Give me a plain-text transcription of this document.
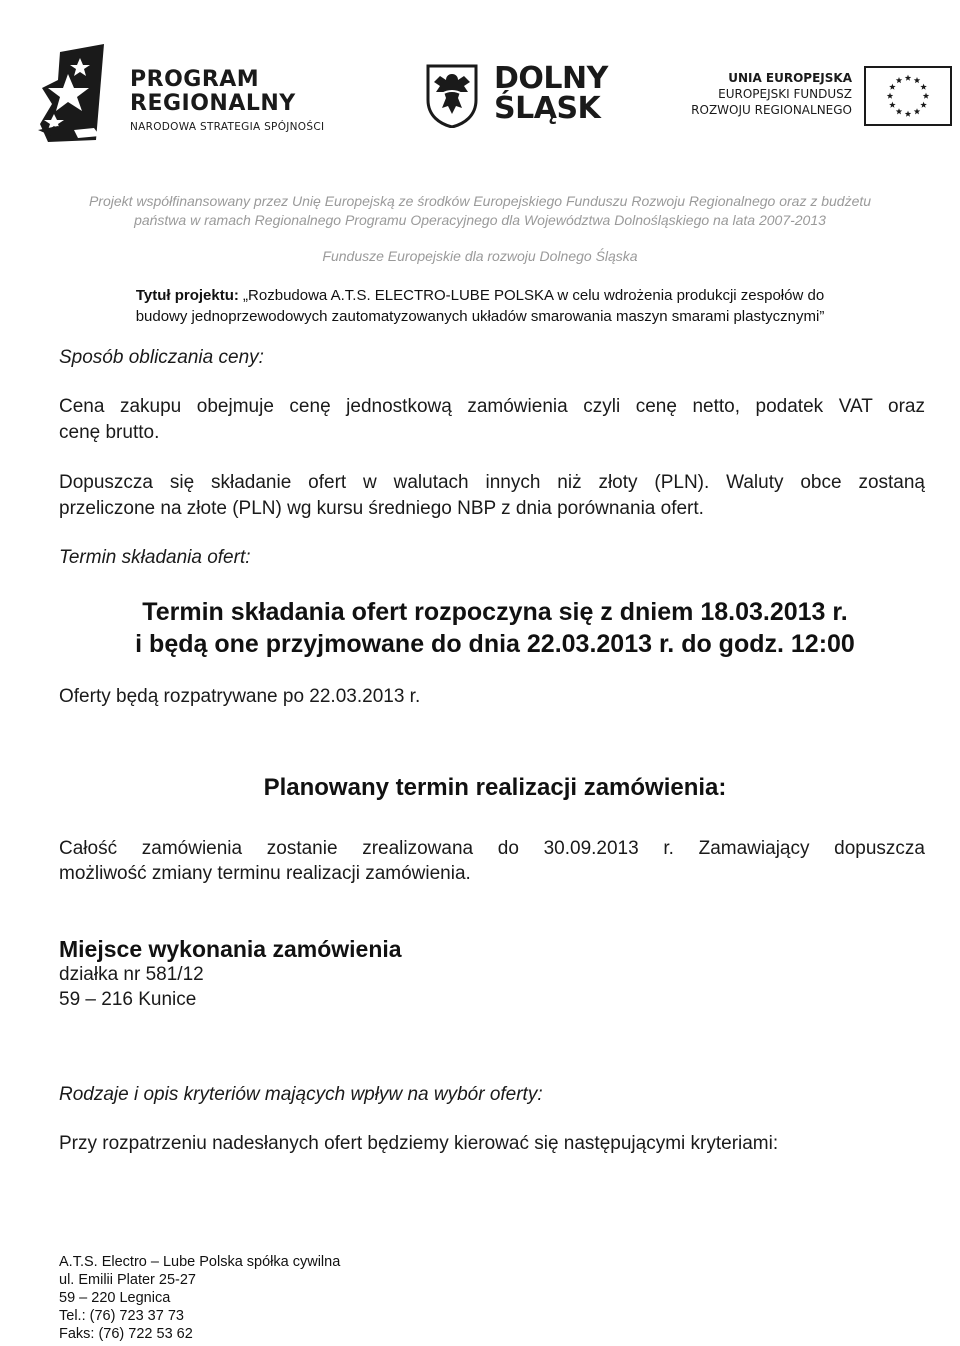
PROGRAM
REGIONALNY
NARODOWA STRATEGIA SPÓJNOŚCI
DOLNY
ŚLĄSK
UNIA EUROPEJSKA
EUROPEJSKI FUNDUSZ
ROZWOJU REGIONALNEGO

Projekt współfinansowany przez Unię Europejską ze środków Europejskiego Funduszu Rozwoju Regionalnego oraz z budżetu

państwa w ramach Regionalnego Programu Operacyjnego dla Województwa Dolnośląskiego na lata 2007-2013

Fundusze Europejskie dla rozwoju Dolnego Śląska

Tytuł projektu: „Rozbudowa A.T.S. ELECTRO-LUBE POLSKA w celu wdrożenia produkcji zespołów do

budowy jednoprzewodowych zautomatyzowanych układów smarowania maszyn smarami plastycznymi”

Sposób obliczania ceny:

Cena zakupu obejmuje cenę jednostkową zamówienia czyli cenę netto, podatek VAT oraz

cenę brutto.

Dopuszcza się składanie ofert w walutach innych niż złoty (PLN). Waluty obce zostaną

przeliczone na złote (PLN) wg kursu średniego NBP z dnia porównania ofert.

Termin składania ofert:

Termin składania ofert rozpoczyna się z dniem 18.03.2013 r.

i będą one przyjmowane do dnia 22.03.2013 r. do godz. 12:00

Oferty będą rozpatrywane po 22.03.2013 r.

Planowany termin realizacji zamówienia:

Całość zamówienia zostanie zrealizowana do 30.09.2013 r. Zamawiający dopuszcza

możliwość zmiany terminu realizacji zamówienia.

Miejsce wykonania zamówienia

działka nr 581/12

59 – 216 Kunice

Rodzaje i opis kryteriów mających wpływ na wybór oferty:

Przy rozpatrzeniu nadesłanych ofert będziemy kierować się następującymi kryteriami:

A.T.S. Electro – Lube Polska spółka cywilna

ul. Emilii Plater 25-27

59 – 220 Legnica

Tel.: (76) 723 37 73

Faks: (76) 722 53 62
